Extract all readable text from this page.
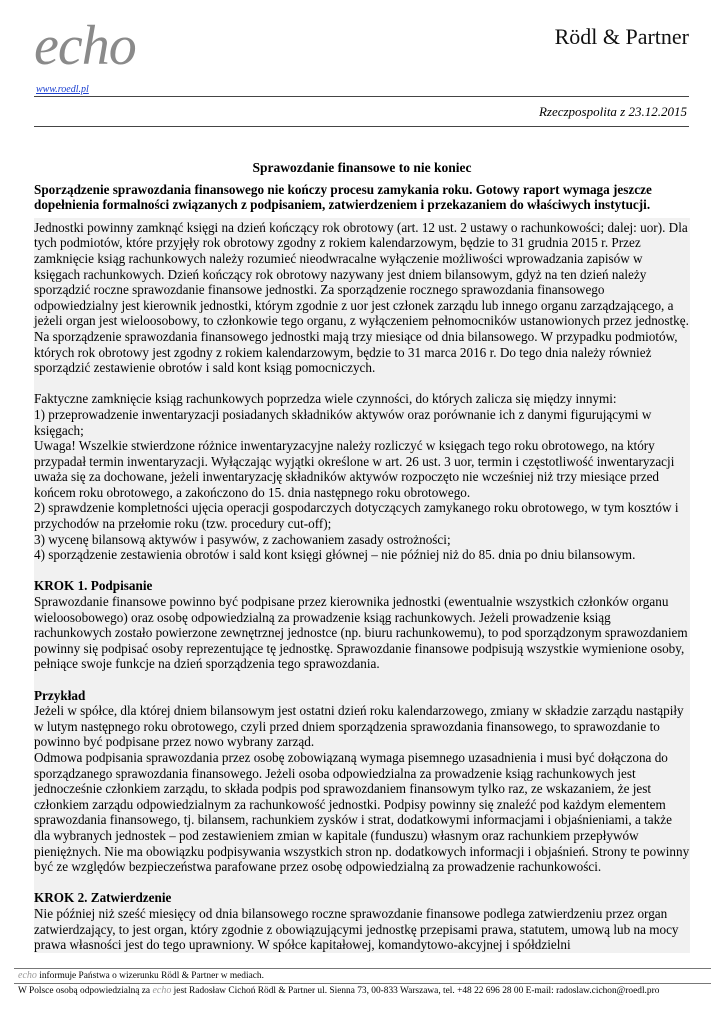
echo
www.roedl.pl
Rödl & Partner
Rzeczpospolita z 23.12.2015

Sprawozdanie finansowe to nie koniec

Sporządzenie sprawozdania finansowego nie kończy procesu zamykania roku. Gotowy raport wymaga jeszcze dopełnienia formalności związanych z podpisaniem, zatwierdzeniem i przekazaniem do właściwych instytucji.

Jednostki powinny zamknąć księgi na dzień kończący rok obrotowy (art. 12 ust. 2 ustawy o rachunkowości; dalej: uor). Dla tych podmiotów, które przyjęły rok obrotowy zgodny z rokiem kalendarzowym, będzie to 31 grudnia 2015 r. Przez zamknięcie ksiąg rachunkowych należy rozumieć nieodwracalne wyłączenie możliwości wprowadzania zapisów w księgach rachunkowych. Dzień kończący rok obrotowy nazywany jest dniem bilansowym, gdyż na ten dzień należy sporządzić roczne sprawozdanie finansowe jednostki. Za sporządzenie rocznego sprawozdania finansowego odpowiedzialny jest kierownik jednostki, którym zgodnie z uor jest członek zarządu lub innego organu zarządzającego, a jeżeli organ jest wieloosobowy, to członkowie tego organu, z wyłączeniem pełnomocników ustanowionych przez jednostkę. Na sporządzenie sprawozdania finansowego jednostki mają trzy miesiące od dnia bilansowego. W przypadku podmiotów, których rok obrotowy jest zgodny z rokiem kalendarzowym, będzie to 31 marca 2016 r. Do tego dnia należy również sporządzić zestawienie obrotów i sald kont ksiąg pomocniczych.

Faktyczne zamknięcie ksiąg rachunkowych poprzedza wiele czynności, do których zalicza się między innymi:

1) przeprowadzenie inwentaryzacji posiadanych składników aktywów oraz porównanie ich z danymi figurującymi w księgach;

Uwaga! Wszelkie stwierdzone różnice inwentaryzacyjne należy rozliczyć w księgach tego roku obrotowego, na który przypadał termin inwentaryzacji. Wyłączając wyjątki określone w art. 26 ust. 3 uor, termin i częstotliwość inwentaryzacji uważa się za dochowane, jeżeli inwentaryzację składników aktywów rozpoczęto nie wcześniej niż trzy miesiące przed końcem roku obrotowego, a zakończono do 15. dnia następnego roku obrotowego.

2) sprawdzenie kompletności ujęcia operacji gospodarczych dotyczących zamykanego roku obrotowego, w tym kosztów i przychodów na przełomie roku (tzw. procedury cut-off);

3) wycenę bilansową aktywów i pasywów, z zachowaniem zasady ostrożności;

4) sporządzenie zestawienia obrotów i sald kont księgi głównej – nie później niż do 85. dnia po dniu bilansowym.

KROK 1. Podpisanie

Sprawozdanie finansowe powinno być podpisane przez kierownika jednostki (ewentualnie wszystkich członków organu wieloosobowego) oraz osobę odpowiedzialną za prowadzenie ksiąg rachunkowych. Jeżeli prowadzenie ksiąg rachunkowych zostało powierzone zewnętrznej jednostce (np. biuru rachunkowemu), to pod sporządzonym sprawozdaniem powinny się podpisać osoby reprezentujące tę jednostkę. Sprawozdanie finansowe podpisują wszystkie wymienione osoby, pełniące swoje funkcje na dzień sporządzenia tego sprawozdania.

Przykład

Jeżeli w spółce, dla której dniem bilansowym jest ostatni dzień roku kalendarzowego, zmiany w składzie zarządu nastąpiły w lutym następnego roku obrotowego, czyli przed dniem sporządzenia sprawozdania finansowego, to sprawozdanie to powinno być podpisane przez nowo wybrany zarząd.

Odmowa podpisania sprawozdania przez osobę zobowiązaną wymaga pisemnego uzasadnienia i musi być dołączona do sporządzanego sprawozdania finansowego. Jeżeli osoba odpowiedzialna za prowadzenie ksiąg rachunkowych jest jednocześnie członkiem zarządu, to składa podpis pod sprawozdaniem finansowym tylko raz, ze wskazaniem, że jest członkiem zarządu odpowiedzialnym za rachunkowość jednostki. Podpisy powinny się znaleźć pod każdym elementem sprawozdania finansowego, tj. bilansem, rachunkiem zysków i strat, dodatkowymi informacjami i objaśnieniami, a także dla wybranych jednostek – pod zestawieniem zmian w kapitale (funduszu) własnym oraz rachunkiem przepływów pieniężnych. Nie ma obowiązku podpisywania wszystkich stron np. dodatkowych informacji i objaśnień. Strony te powinny być ze względów bezpieczeństwa parafowane przez osobę odpowiedzialną za prowadzenie rachunkowości.

KROK 2. Zatwierdzenie

Nie później niż sześć miesięcy od dnia bilansowego roczne sprawozdanie finansowe podlega zatwierdzeniu przez organ zatwierdzający, to jest organ, który zgodnie z obowiązującymi jednostkę przepisami prawa, statutem, umową lub na mocy prawa własności jest do tego uprawniony. W spółce kapitałowej, komandytowo-akcyjnej i spółdzielni

echo informuje Państwa o wizerunku Rödl & Partner w mediach.
W Polsce osobą odpowiedzialną za echo jest Radosław Cichoń Rödl & Partner ul. Sienna 73, 00-833 Warszawa, tel. +48 22 696 28 00 E-mail: radoslaw.cichon@roedl.pro
